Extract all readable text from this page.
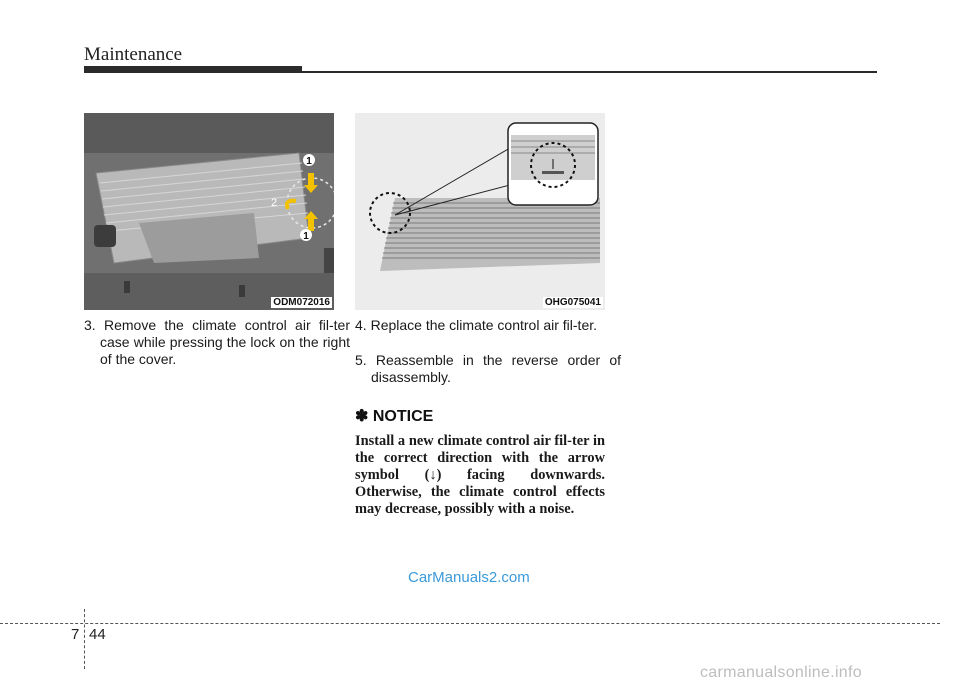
Maintenance
1
2
1
ODM072016	OHG075041
3. Remove the climate control air fil-ter case while pressing the lock on the right of the cover.
4. Replace the climate control air fil-ter.
5. Reassemble in the reverse order of disassembly.
✽ NOTICE
Install a new climate control air fil-ter in the correct direction with the arrow symbol (↓) facing downwards. Otherwise, the climate control effects may decrease, possibly with a noise.
CarManuals2.com
7 44
carmanualsonline.info
